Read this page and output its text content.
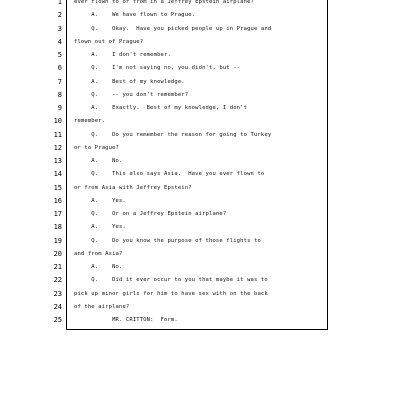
1 ever flown to or from in a Jeffrey Epstein airplane?
2 A.    We have flown to Prague.
3 Q.    Okay.  Have you picked people up in Prague and
4 flown out of Prague?
5 A.    I don't remember.
6 Q.    I'm not saying no, you didn't, but --
7 A.    Best of my knowledge.
8 Q.    -- you don't remember?
9 A.    Exactly.  Best of my knowledge, I don't
10 remember.
11 Q.    Do you remember the reason for going to Turkey
12 or to Prague?
13 A.    No.
14 Q.    This also says Asia.  Have you ever flown to
15 or from Asia with Jeffrey Epstein?
16 A.    Yes.
17 Q.    Or on a Jeffrey Epstein airplane?
18 A.    Yes.
19 Q.    Do you know the purpose of those flights to
20 and from Asia?
21 A.    No.
22 Q.    Did it ever occur to you that maybe it was to
23 pick up minor girls for him to have sex with on the back
24 of the airplane?
25 MR. CRITTON:  Form.
